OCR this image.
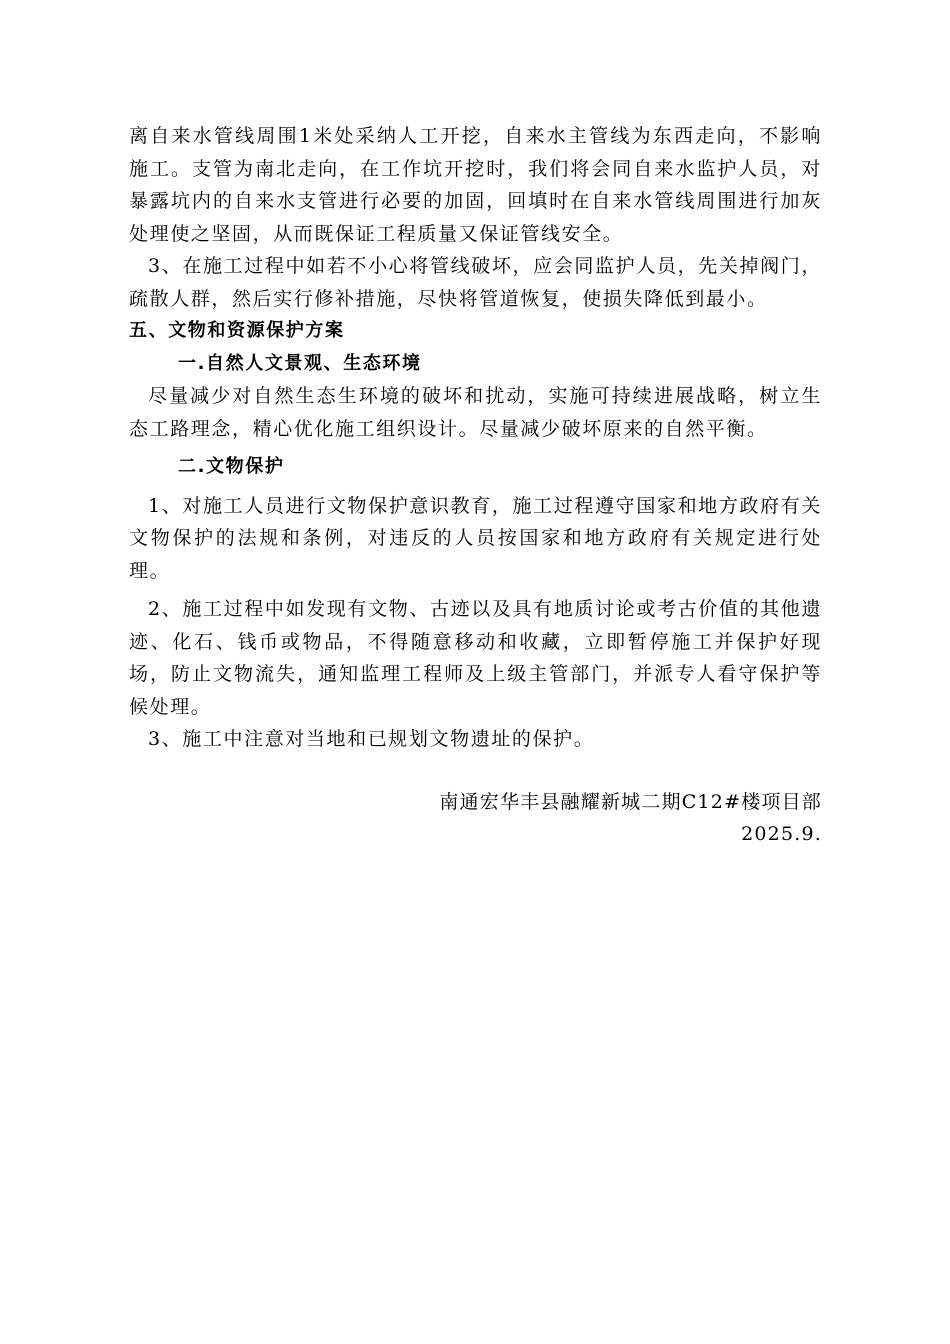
离自来水管线周围1米处采纳人工开挖，自来水主管线为东西走向，不影响施工。支管为南北走向，在工作坑开挖时，我们将会同自来水监护人员，对暴露坑内的自来水支管进行必要的加固，回填时在自来水管线周围进行加灰处理使之坚固，从而既保证工程质量又保证管线安全。

3、在施工过程中如若不小心将管线破坏，应会同监护人员，先关掉阀门，疏散人群，然后实行修补措施，尽快将管道恢复，使损失降低到最小。

五、文物和资源保护方案

一.自然人文景观、生态环境

尽量减少对自然生态生环境的破坏和扰动，实施可持续进展战略，树立生态工路理念，精心优化施工组织设计。尽量减少破坏原来的自然平衡。

二.文物保护

1、对施工人员进行文物保护意识教育，施工过程遵守国家和地方政府有关文物保护的法规和条例，对违反的人员按国家和地方政府有关规定进行处理。

2、施工过程中如发现有文物、古迹以及具有地质讨论或考古价值的其他遗迹、化石、钱币或物品，不得随意移动和收藏，立即暂停施工并保护好现场，防止文物流失，通知监理工程师及上级主管部门，并派专人看守保护等候处理。

3、施工中注意对当地和已规划文物遗址的保护。

南通宏华丰县融耀新城二期C12#楼项目部

2025.9.
